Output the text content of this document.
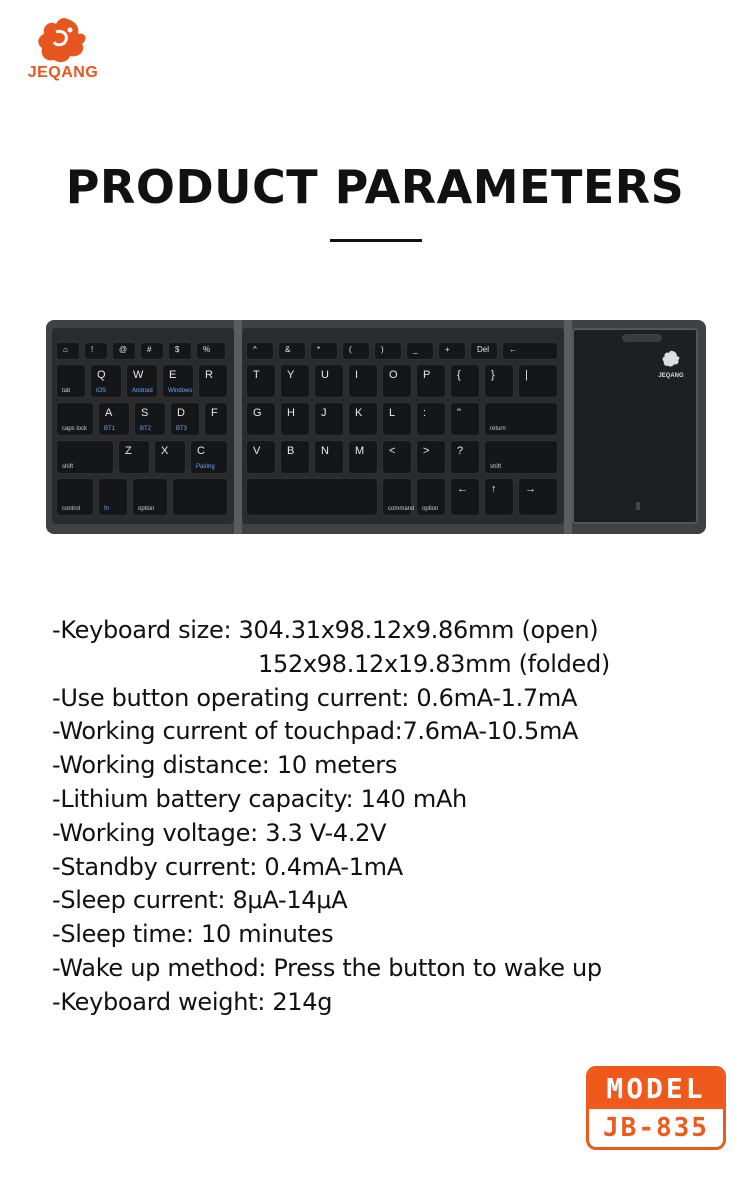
JEQANG
PRODUCT PARAMETERS
⌂	!	@ #	$	%
tab
Q
iOS
W
Android
E
Windows
R
caps lock
A
BT1
S
BT2
D
BT3
F
shift
Z	X	C
Pairing
control	fn	option
^	&	*	(	)	_	+	Del ←
T Y U I	O P {	}	|
G H J	K L	:	"
return
V B N M <	>	?
shift
command option
← ↑	→
JEQANG
-Keyboard size: 304.31x98.12x9.86mm (open)
152x98.12x19.83mm (folded)
-Use button operating current: 0.6mA-1.7mA
-Working current of touchpad:7.6mA-10.5mA
-Working distance: 10 meters
-Lithium battery capacity: 140 mAh
-Working voltage: 3.3 V-4.2V
-Standby current: 0.4mA-1mA
-Sleep current: 8μA-14μA
-Sleep time: 10 minutes
-Wake up method: Press the button to wake up
-Keyboard weight: 214g
MODEL
JB-835
